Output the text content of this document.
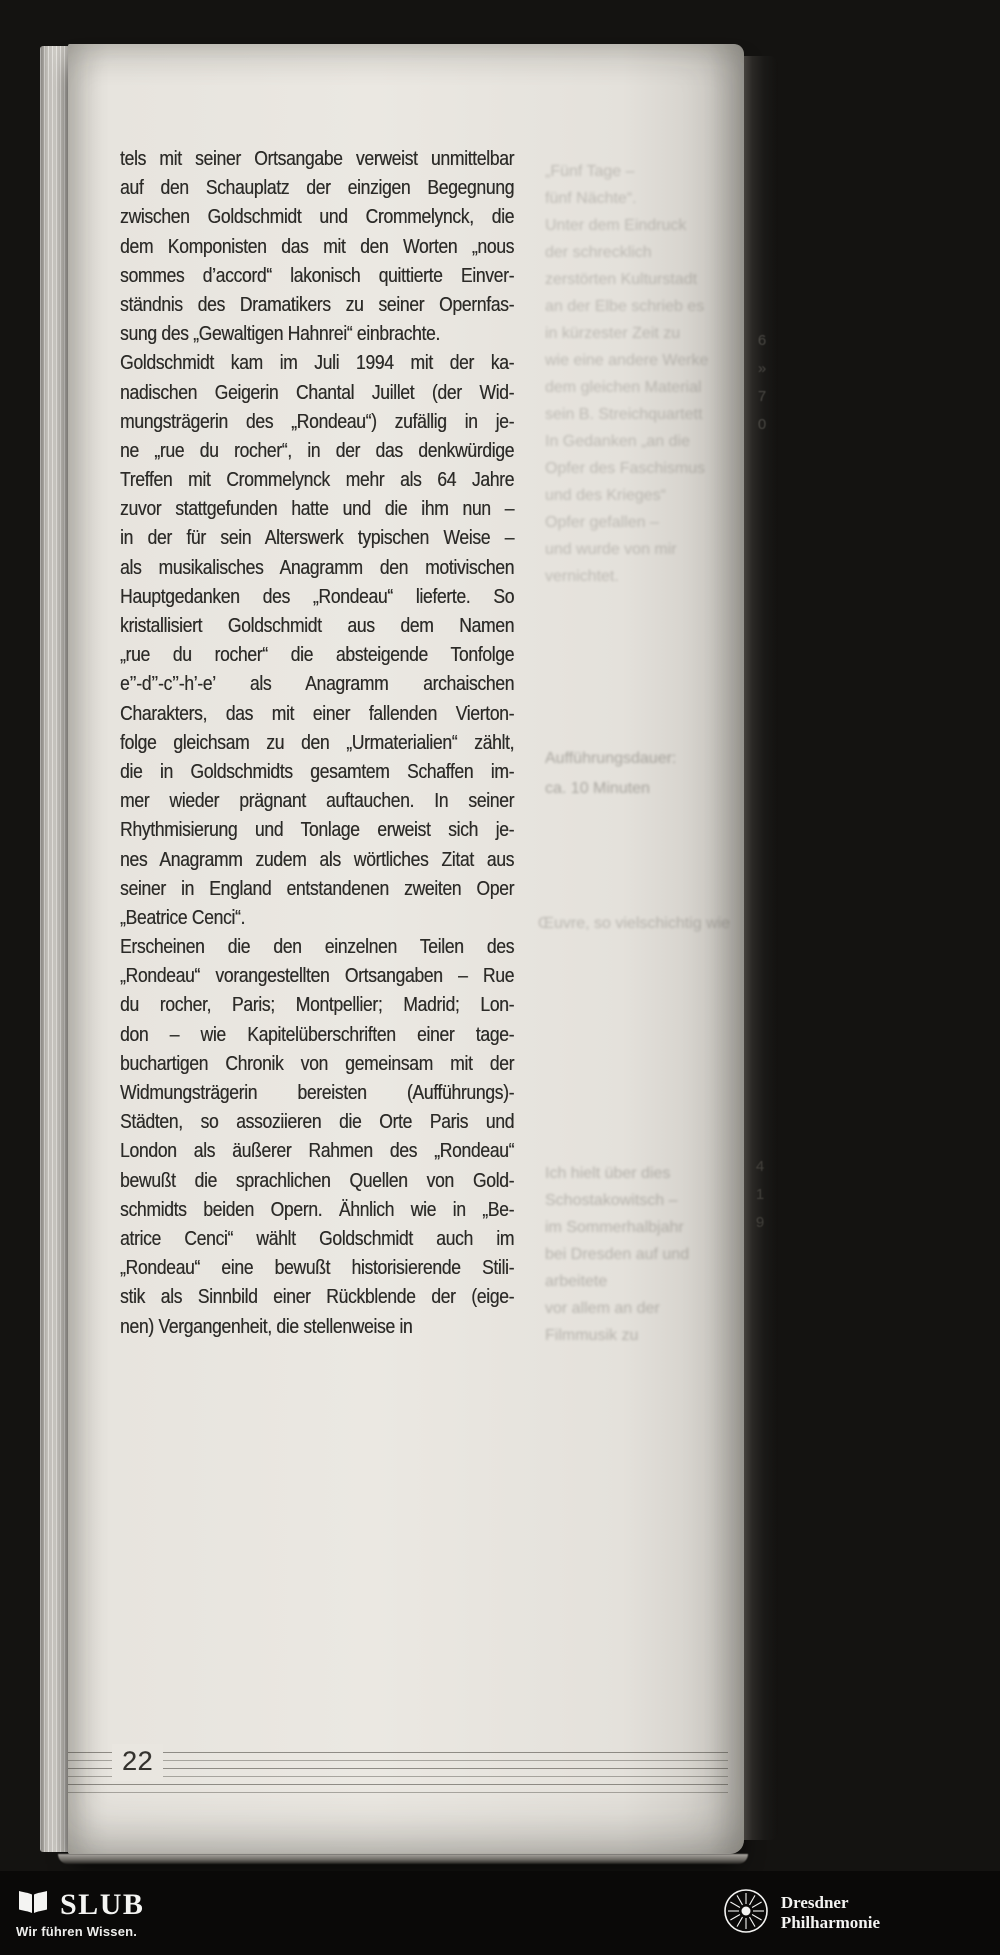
tels mit seiner Ortsangabe verweist unmittelbar
auf den Schauplatz der einzigen Begegnung
zwischen Goldschmidt und Crommelynck, die
dem Komponisten das mit den Worten „nous
sommes d’accord“ lakonisch quittierte Einver-
ständnis des Dramatikers zu seiner Opernfas-
sung des „Gewaltigen Hahnrei“ einbrachte.
Goldschmidt kam im Juli 1994 mit der ka-
nadischen Geigerin Chantal Juillet (der Wid-
mungsträgerin des „Rondeau“) zufällig in je-
ne „rue du rocher“, in der das denkwürdige
Treffen mit Crommelynck mehr als 64 Jahre
zuvor stattgefunden hatte und die ihm nun –
in der für sein Alterswerk typischen Weise –
als musikalisches Anagramm den motivischen
Hauptgedanken des „Rondeau“ lieferte. So
kristallisiert Goldschmidt aus dem Namen
„rue du rocher“ die absteigende Tonfolge
e’’-d’’-c’’-h’-e’ als Anagramm archaischen
Charakters, das mit einer fallenden Vierton-
folge gleichsam zu den „Urmaterialien“ zählt,
die in Goldschmidts gesamtem Schaffen im-
mer wieder prägnant auftauchen. In seiner
Rhythmisierung und Tonlage erweist sich je-
nes Anagramm zudem als wörtliches Zitat aus
seiner in England entstandenen zweiten Oper
„Beatrice Cenci“.
Erscheinen die den einzelnen Teilen des
„Rondeau“ vorangestellten Ortsangaben – Rue
du rocher, Paris; Montpellier; Madrid; Lon-
don – wie Kapitelüberschriften einer tage-
buchartigen Chronik von gemeinsam mit der
Widmungsträgerin bereisten (Aufführungs)-
Städten, so assoziieren die Orte Paris und
London als äußerer Rahmen des „Rondeau“
bewußt die sprachlichen Quellen von Gold-
schmidts beiden Opern. Ähnlich wie in „Be-
atrice Cenci“ wählt Goldschmidt auch im
„Rondeau“ eine bewußt historisierende Stili-
stik als Sinnbild einer Rückblende der (eige-
nen) Vergangenheit, die stellenweise in
„Fünf Tage –
fünf Nächte“.
Unter dem Eindruck
der schrecklich
zerstörten Kulturstadt
an der Elbe schrieb es
in kürzester Zeit zu
wie eine andere Werke
dem gleichen Material
sein B. Streichquartett
In Gedanken „an die
Opfer des Faschismus
und des Krieges“
Opfer gefallen –
und wurde von mir
vernichtet.
Aufführungsdauer:
ca. 10 Minuten
Œuvre, so vielschichtig wie
Ich hielt über dies
Schostakowitsch –
im Sommerhalbjahr
bei Dresden auf und
arbeitete
vor allem an der
Filmmusik zu
22
6
»
7
0
4
1
9
SLUB
Wir führen Wissen.
Dresdner
Philharmonie
